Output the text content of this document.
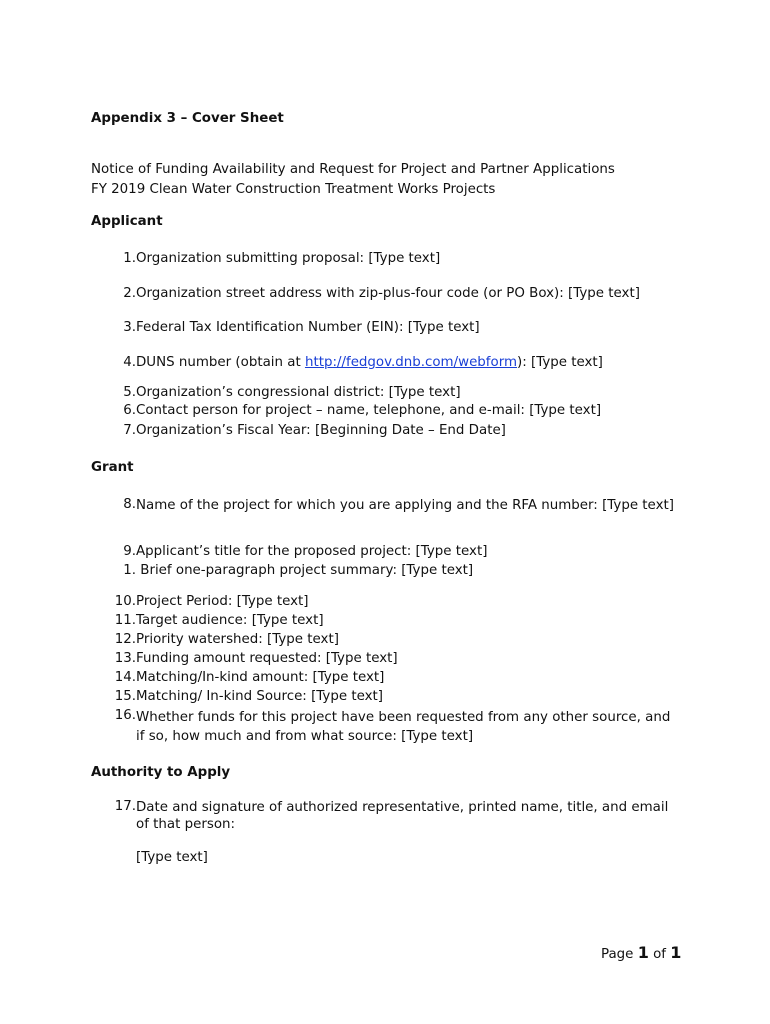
Appendix 3 – Cover Sheet
Notice of Funding Availability and Request for Project and Partner Applications
FY 2019 Clean Water Construction Treatment Works Projects
Applicant
1. Organization submitting proposal: [Type text]
2. Organization street address with zip-plus-four code (or PO Box): [Type text]
3. Federal Tax Identification Number (EIN): [Type text]
4. DUNS number (obtain at http://fedgov.dnb.com/webform): [Type text]
5. Organization’s congressional district: [Type text]
6. Contact person for project – name, telephone, and e-mail: [Type text]
7. Organization’s Fiscal Year: [Beginning Date – End Date]
Grant
8. Name of the project for which you are applying and the RFA number: [Type text]
9. Applicant’s title for the proposed project: [Type text]
1. Brief one-paragraph project summary: [Type text]
10. Project Period: [Type text]
11. Target audience: [Type text]
12. Priority watershed: [Type text]
13. Funding amount requested: [Type text]
14. Matching/In-kind amount: [Type text]
15. Matching/ In-kind Source: [Type text]
16. Whether funds for this project have been requested from any other source, and if so, how much and from what source: [Type text]
Authority to Apply
17. Date and signature of authorized representative, printed name, title, and email of that person:
[Type text]
Page 1 of 1
